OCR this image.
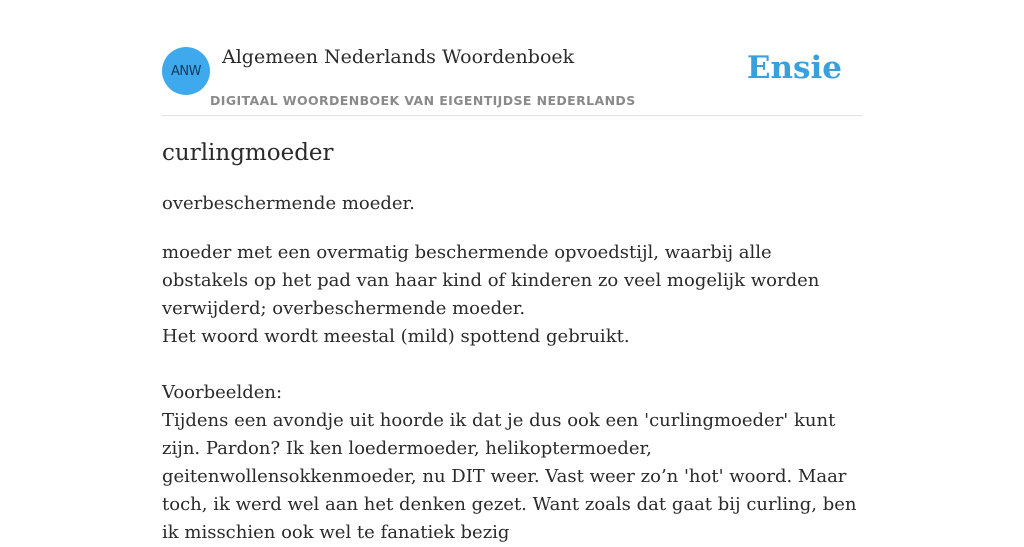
ANW
Algemeen Nederlands Woordenboek
DIGITAAL WOORDENBOEK VAN EIGENTIJDSE NEDERLANDS
Ensie
curlingmoeder

overbeschermende moeder.

moeder met een overmatig beschermende opvoedstijl, waarbij alle obstakels op het pad van haar kind of kinderen zo veel mogelijk worden verwijderd; overbeschermende moeder.
Het woord wordt meestal (mild) spottend gebruikt.

Voorbeelden:
Tijdens een avondje uit hoorde ik dat je dus ook een 'curlingmoeder' kunt zijn. Pardon? Ik ken loedermoeder, helikoptermoeder, geitenwollensokkenmoeder, nu DIT weer. Vast weer zo’n 'hot' woord. Maar toch, ik werd wel aan het denken gezet. Want zoals dat gaat bij curling, ben ik misschien ook wel te fanatiek bezig
